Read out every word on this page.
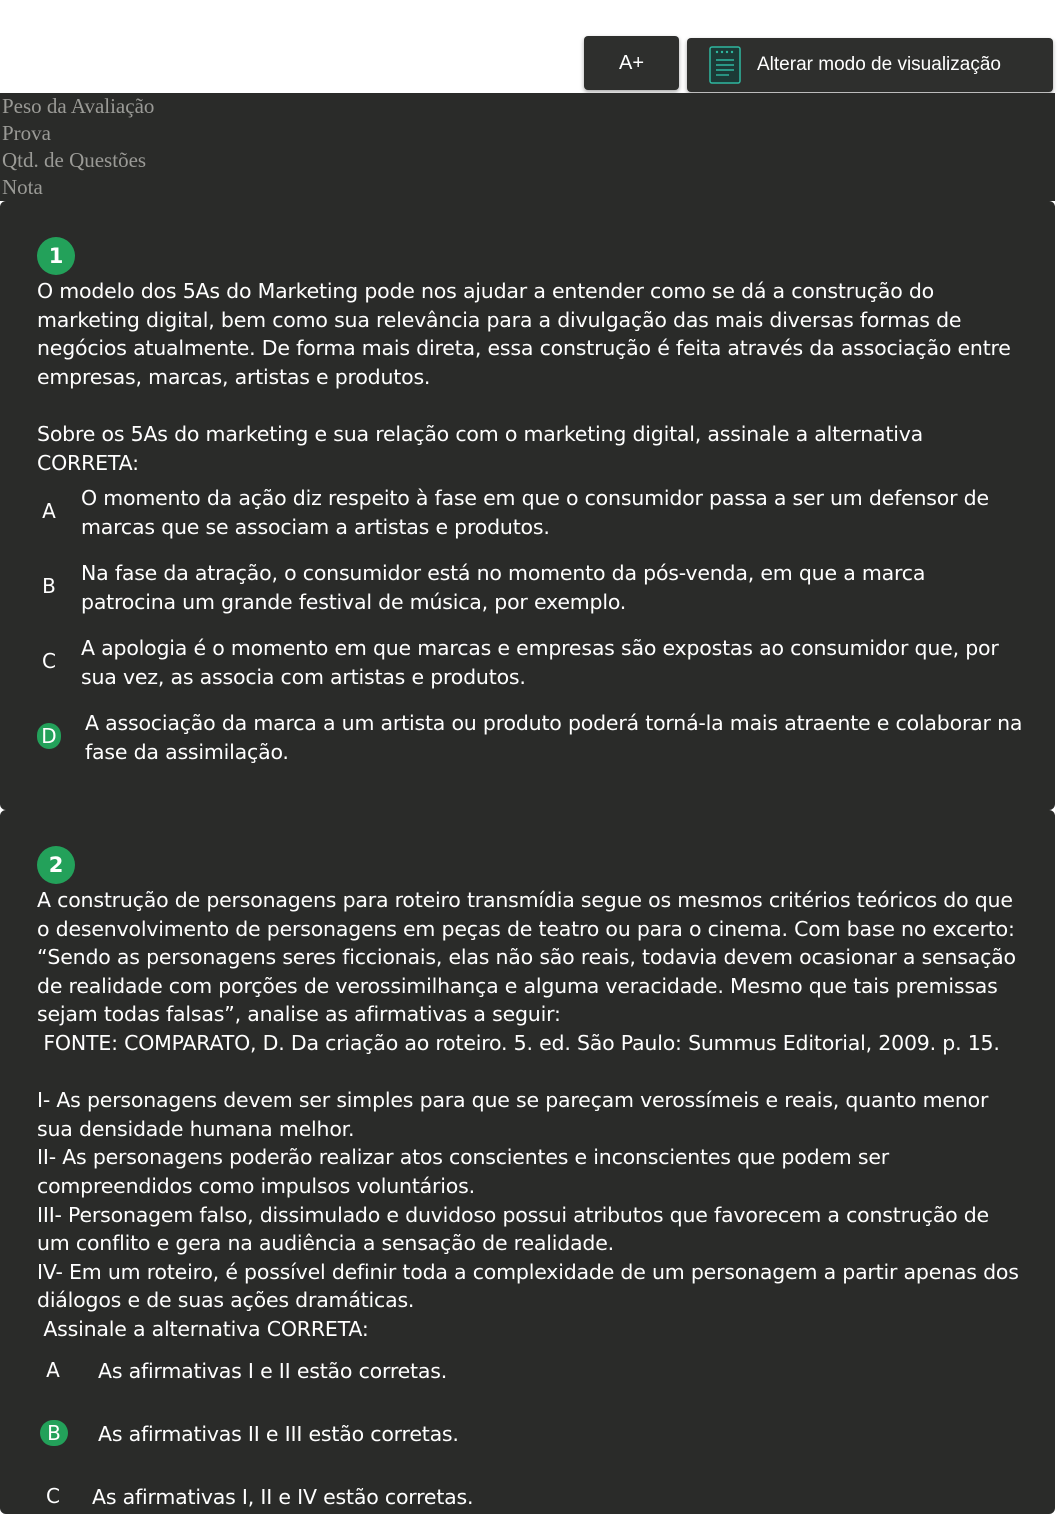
A+	Alterar modo de visualização
Peso da Avaliação
Prova
Qtd. de Questões
Nota
1
O modelo dos 5As do Marketing pode nos ajudar a entender como se dá a construção do marketing digital, bem como sua relevância para a divulgação das mais diversas formas de negócios atualmente. De forma mais direta, essa construção é feita através da associação entre empresas, marcas, artistas e produtos.

Sobre os 5As do marketing e sua relação com o marketing digital, assinale a alternativa CORRETA:
A
O momento da ação diz respeito à fase em que o consumidor passa a ser um defensor de marcas que se associam a artistas e produtos.
B
Na fase da atração, o consumidor está no momento da pós-venda, em que a marca patrocina um grande festival de música, por exemplo.
C
A apologia é o momento em que marcas e empresas são expostas ao consumidor que, por sua vez, as associa com artistas e produtos.
D
A associação da marca a um artista ou produto poderá torná-la mais atraente e colaborar na fase da assimilação.
2
A construção de personagens para roteiro transmídia segue os mesmos critérios teóricos do que o desenvolvimento de personagens em peças de teatro ou para o cinema. Com base no excerto: “Sendo as personagens seres ficcionais, elas não são reais, todavia devem ocasionar a sensação de realidade com porções de verossimilhança e alguma veracidade. Mesmo que tais premissas sejam todas falsas”, analise as afirmativas a seguir:
FONTE: COMPARATO, D. Da criação ao roteiro. 5. ed. São Paulo: Summus Editorial, 2009. p. 15.

I- As personagens devem ser simples para que se pareçam verossímeis e reais, quanto menor sua densidade humana melhor.
II- As personagens poderão realizar atos conscientes e inconscientes que podem ser compreendidos como impulsos voluntários.
III- Personagem falso, dissimulado e duvidoso possui atributos que favorecem a construção de um conflito e gera na audiência a sensação de realidade.
IV- Em um roteiro, é possível definir toda a complexidade de um personagem a partir apenas dos diálogos e de suas ações dramáticas.
Assinale a alternativa CORRETA:
A As afirmativas I e II estão corretas.
B	As afirmativas II e III estão corretas.
C As afirmativas I, II e IV estão corretas.
